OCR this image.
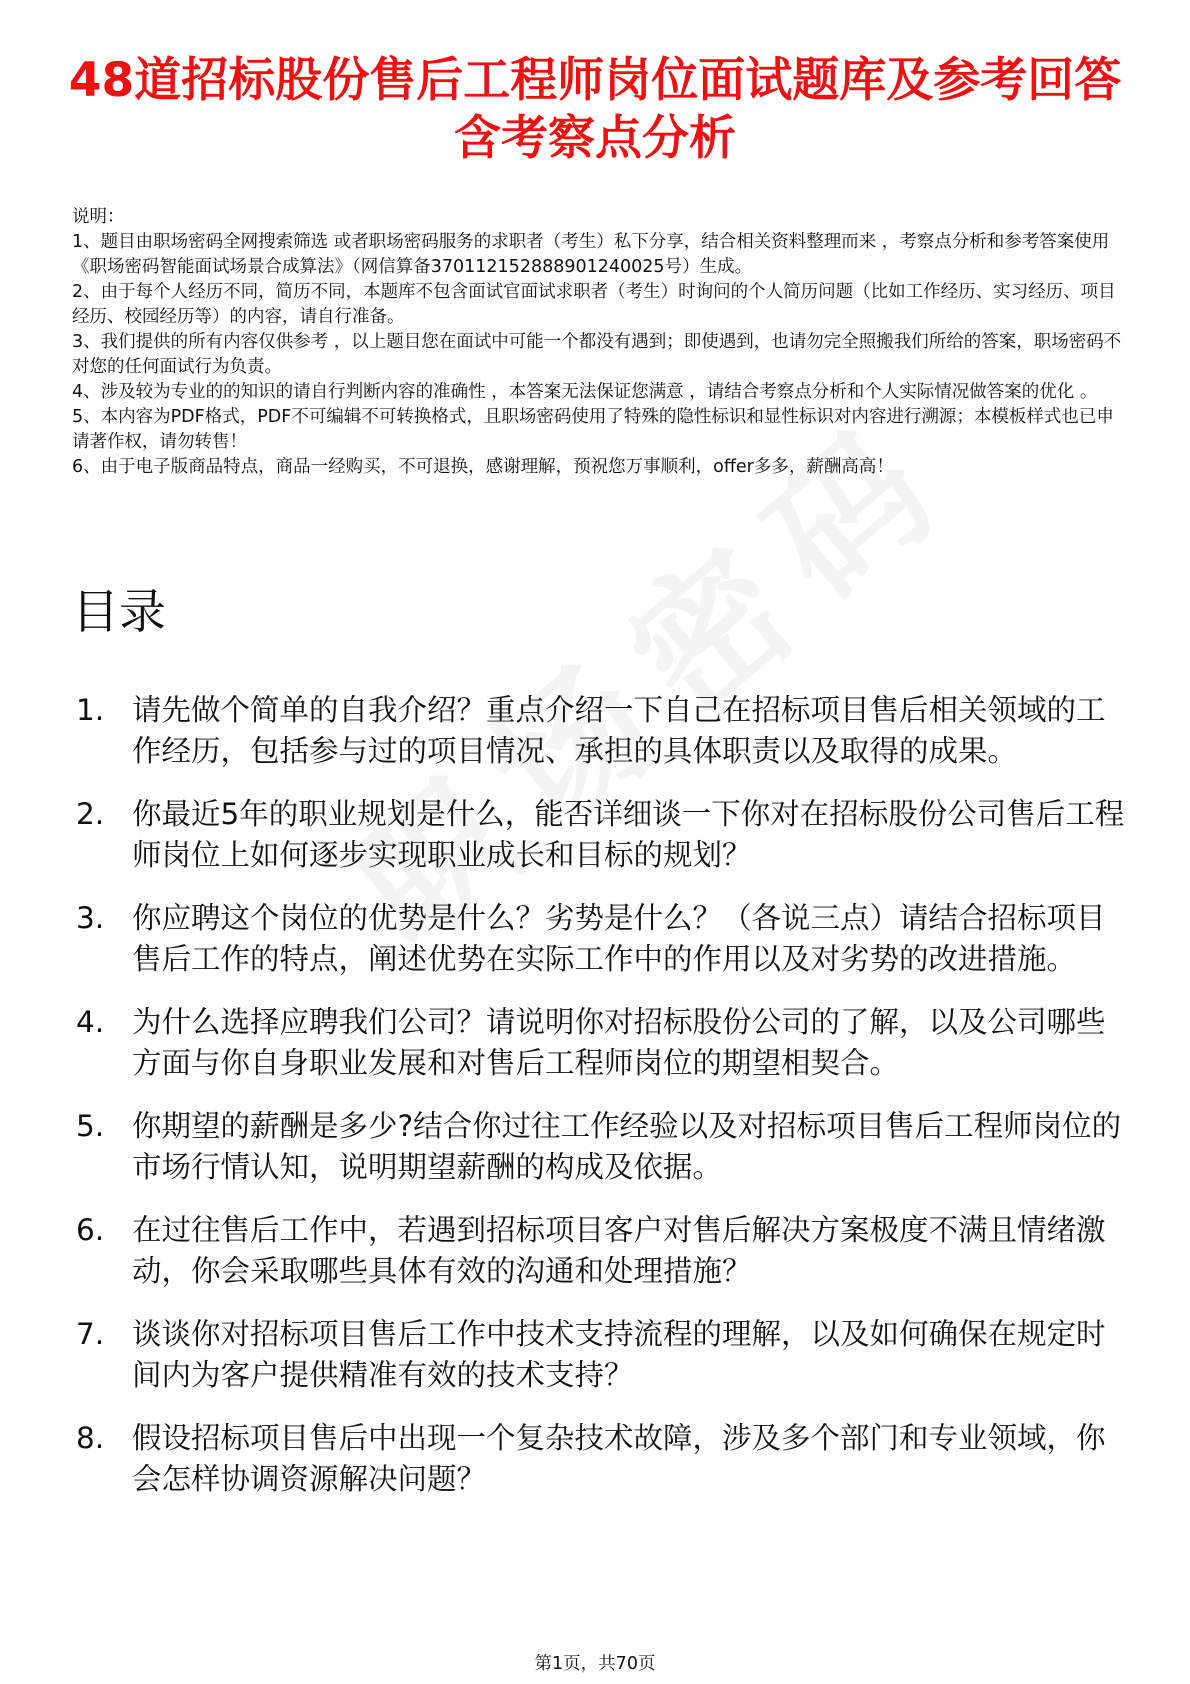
48道招标股份售后工程师岗位面试题库及参考回答含考察点分析

说明：

1、题目由职场密码全网搜索筛选 或者职场密码服务的求职者（考生）私下分享，结合相关资料整理而来 ，考察点分析和参考答案使用《职场密码智能面试场景合成算法》（网信算备370112152888901240025号）生成。

2、由于每个人经历不同，简历不同，本题库不包含面试官面试求职者（考生）时询问的个人简历问题（比如工作经历、实习经历、项目经历、校园经历等）的内容，请自行准备。

3、我们提供的所有内容仅供参考 ，以上题目您在面试中可能一个都没有遇到；即使遇到，也请勿完全照搬我们所给的答案，职场密码不对您的任何面试行为负责。

4、涉及较为专业的的知识的请自行判断内容的准确性 ，本答案无法保证您满意 ，请结合考察点分析和个人实际情况做答案的优化 。

5、本内容为PDF格式，PDF不可编辑不可转换格式，且职场密码使用了特殊的隐性标识和显性标识对内容进行溯源；本模板样式也已申请著作权，请勿转售！

6、由于电子版商品特点，商品一经购买，不可退换，感谢理解，预祝您万事顺利，offer多多，薪酬高高！

目录
1. 请先做个简单的自我介绍？重点介绍一下自己在招标项目售后相关领域的工作经历，包括参与过的项目情况、承担的具体职责以及取得的成果。
2. 你最近5年的职业规划是什么，能否详细谈一下你对在招标股份公司售后工程师岗位上如何逐步实现职业成长和目标的规划？
3. 你应聘这个岗位的优势是什么？劣势是什么？（各说三点）请结合招标项目售后工作的特点，阐述优势在实际工作中的作用以及对劣势的改进措施。
4. 为什么选择应聘我们公司？请说明你对招标股份公司的了解，以及公司哪些方面与你自身职业发展和对售后工程师岗位的期望相契合。
5. 你期望的薪酬是多少?结合你过往工作经验以及对招标项目售后工程师岗位的市场行情认知，说明期望薪酬的构成及依据。
6. 在过往售后工作中，若遇到招标项目客户对售后解决方案极度不满且情绪激动，你会采取哪些具体有效的沟通和处理措施？
7. 谈谈你对招标项目售后工作中技术支持流程的理解，以及如何确保在规定时间内为客户提供精准有效的技术支持？
8. 假设招标项目售后中出现一个复杂技术故障，涉及多个部门和专业领域，你会怎样协调资源解决问题？
第1页，共70页
